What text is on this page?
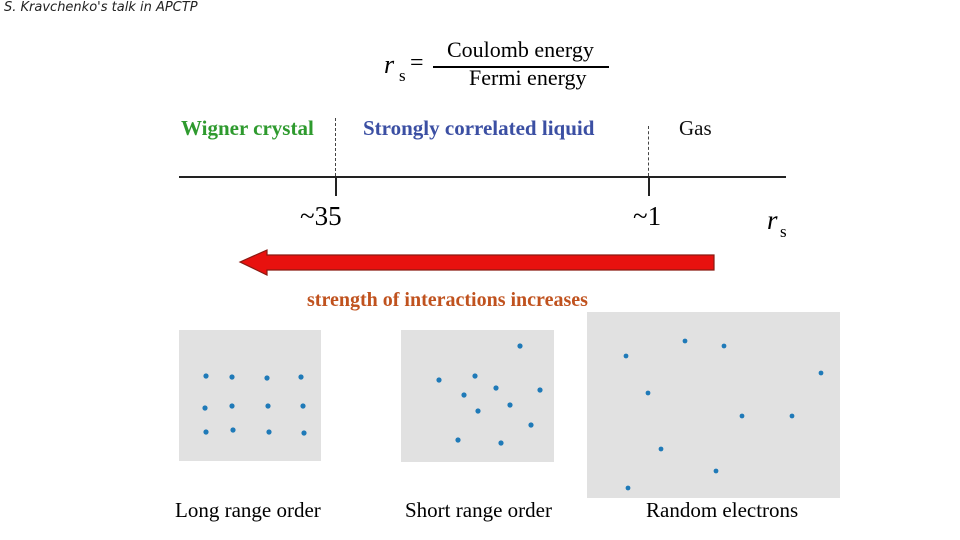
S. Kravchenko's talk in APCTP
r s =
Coulomb energy
Fermi energy
Wigner crystal Strongly correlated liquid	Gas
~35	~1	r s
strength of interactions increases
Long range order	Short range order	Random electrons
